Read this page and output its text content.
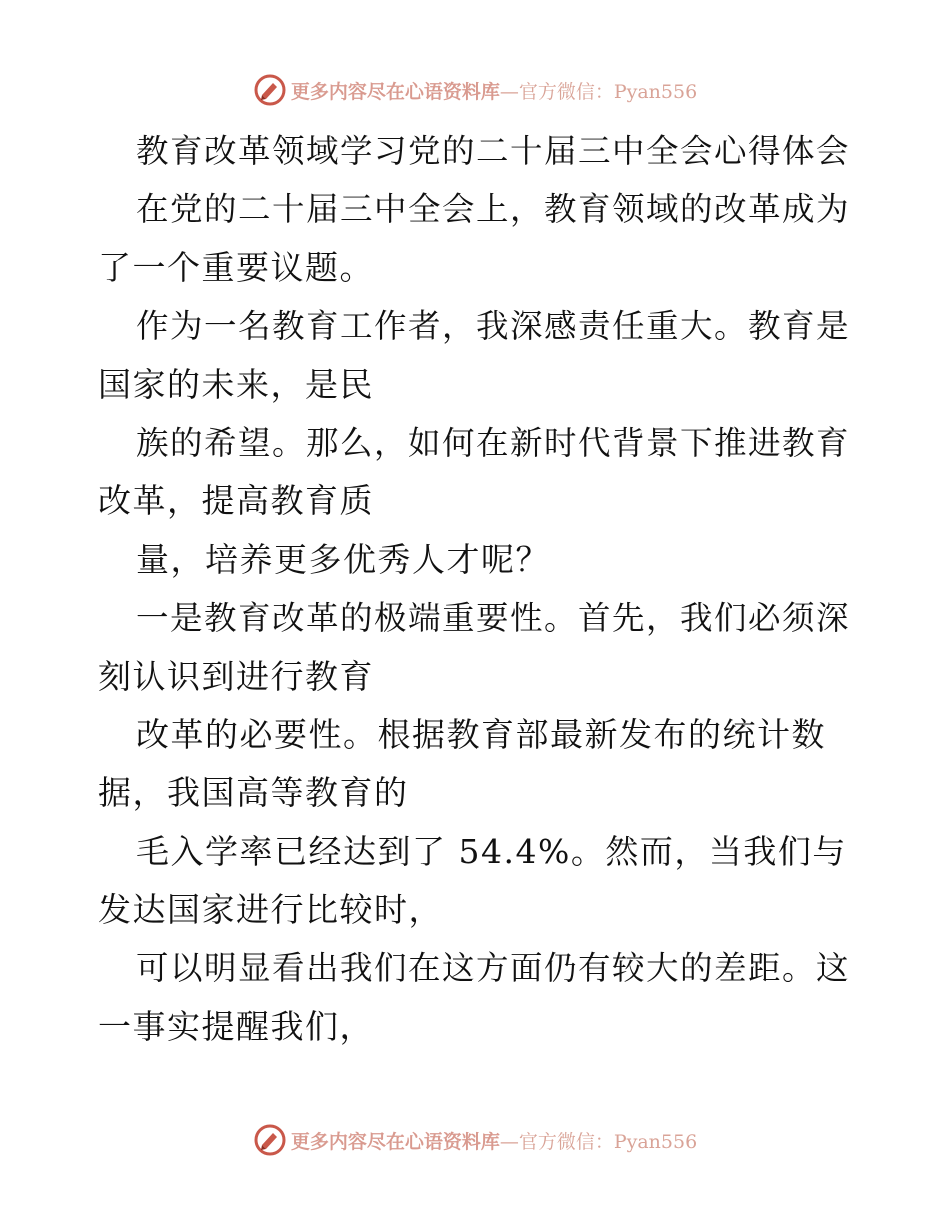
更多内容尽在心语资料库—官方微信：Pyan556
教育改革领域学习党的二十届三中全会心得体会
在党的二十届三中全会上，教育领域的改革成为
了一个重要议题。
作为一名教育工作者，我深感责任重大。教育是
国家的未来，是民
族的希望。那么，如何在新时代背景下推进教育
改革，提高教育质
量，培养更多优秀人才呢？
一是教育改革的极端重要性。首先，我们必须深
刻认识到进行教育
改革的必要性。根据教育部最新发布的统计数
据，我国高等教育的
毛入学率已经达到了 54.4%。然而，当我们与
发达国家进行比较时，
可以明显看出我们在这方面仍有较大的差距。这
一事实提醒我们，
更多内容尽在心语资料库—官方微信：Pyan556
